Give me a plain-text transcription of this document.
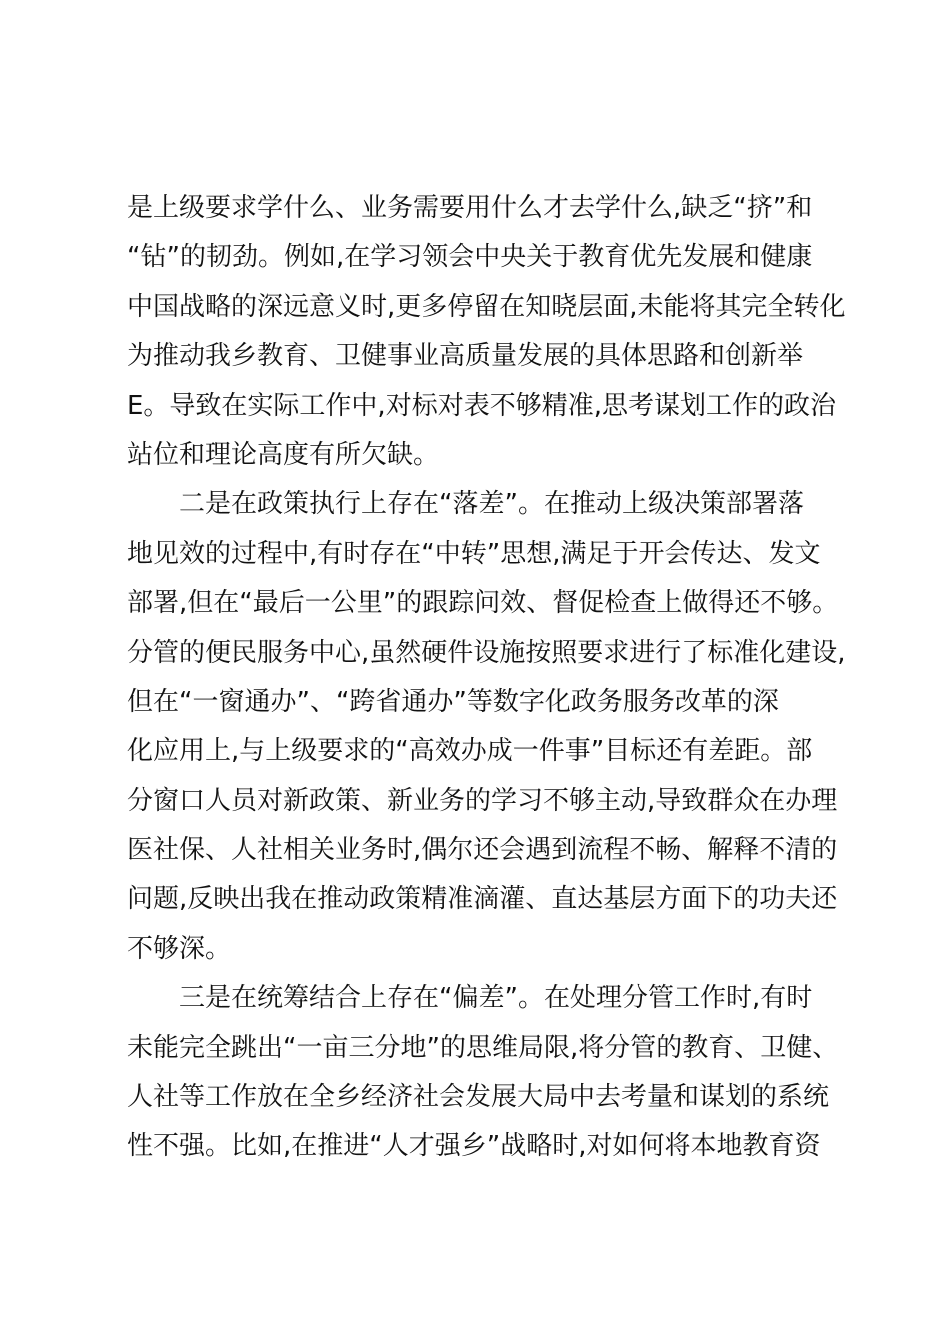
是上级要求学什么、业务需要用什么才去学什么,缺乏“挤”和
“钻”的韧劲。例如,在学习领会中央关于教育优先发展和健康
中国战略的深远意义时,更多停留在知晓层面,未能将其完全转化
为推动我乡教育、卫健事业高质量发展的具体思路和创新举
E。导致在实际工作中,对标对表不够精准,思考谋划工作的政治
站位和理论高度有所欠缺。
二是在政策执行上存在“落差”。在推动上级决策部署落
地见效的过程中,有时存在“中转”思想,满足于开会传达、发文
部署,但在“最后一公里”的跟踪问效、督促检查上做得还不够。
分管的便民服务中心,虽然硬件设施按照要求进行了标准化建设,
但在“一窗通办”、“跨省通办”等数字化政务服务改革的深
化应用上,与上级要求的“高效办成一件事”目标还有差距。部
分窗口人员对新政策、新业务的学习不够主动,导致群众在办理
医社保、人社相关业务时,偶尔还会遇到流程不畅、解释不清的
问题,反映出我在推动政策精准滴灌、直达基层方面下的功夫还
不够深。
三是在统筹结合上存在“偏差”。在处理分管工作时,有时
未能完全跳出“一亩三分地”的思维局限,将分管的教育、卫健、
人社等工作放在全乡经济社会发展大局中去考量和谋划的系统
性不强。比如,在推进“人才强乡”战略时,对如何将本地教育资
